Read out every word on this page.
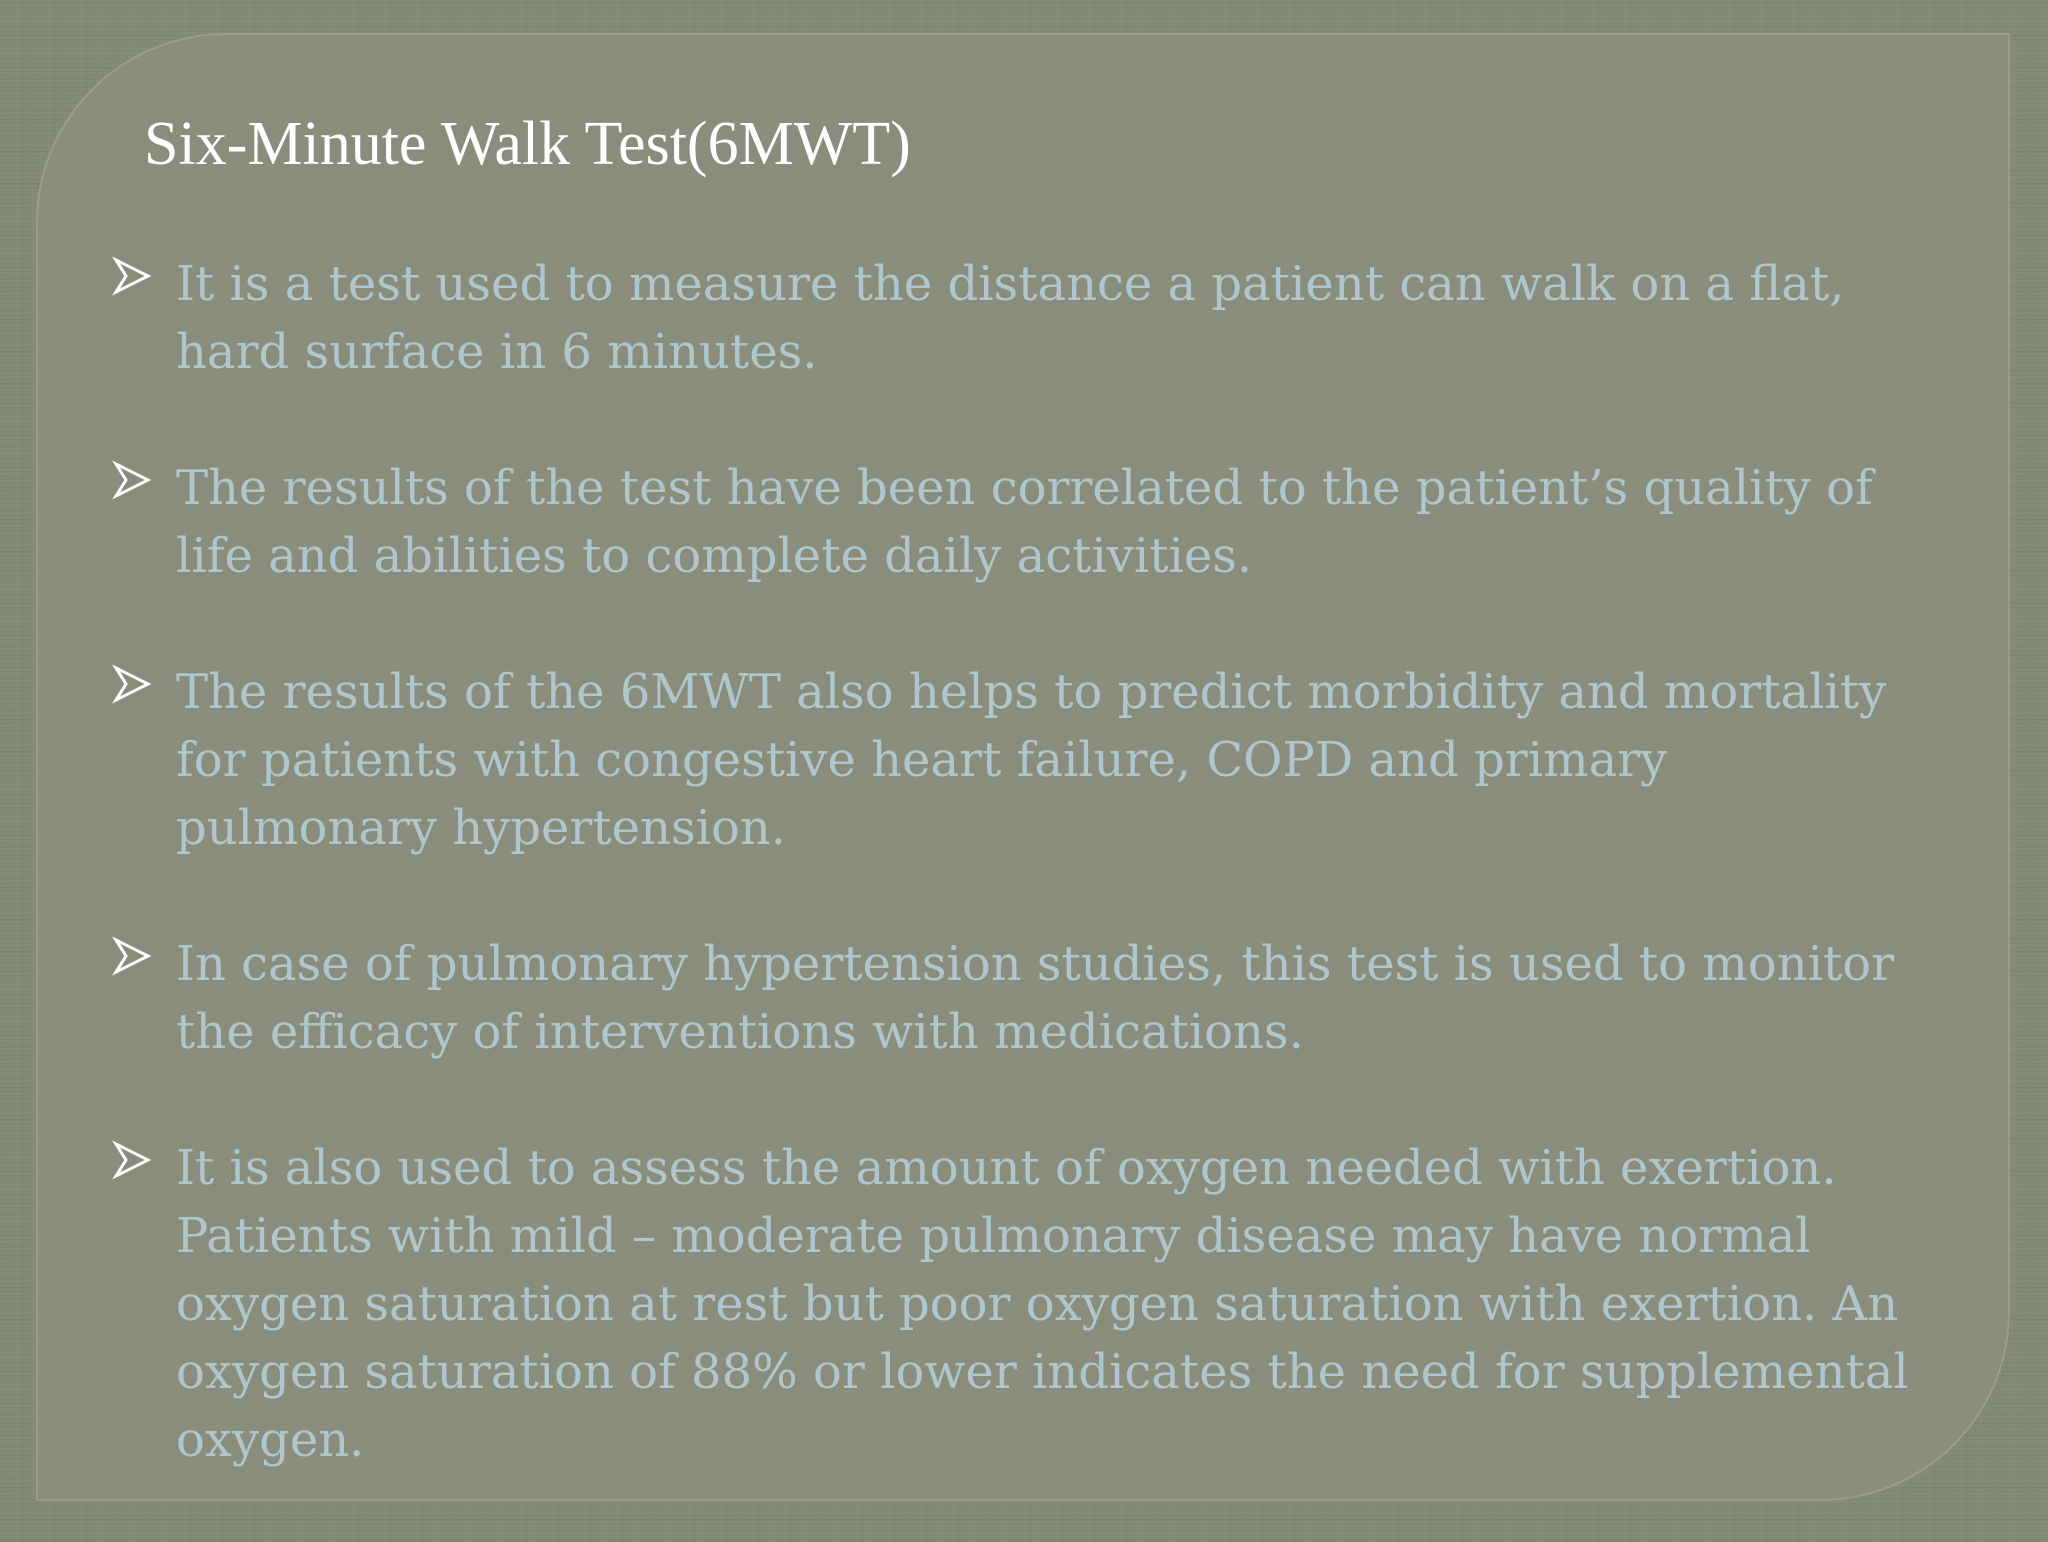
Six-Minute Walk Test(6MWT)
It is a test used to measure the distance a patient can walk on a flat, hard surface in 6 minutes.
The results of the test have been correlated to the patient’s quality of life and abilities to complete daily activities.
The results of the 6MWT also helps to predict morbidity and mortality for patients with congestive heart failure, COPD and primary pulmonary hypertension.
In case of pulmonary hypertension studies, this test is used to monitor the efficacy of interventions with medications.
It is also used to assess the amount of oxygen needed with exertion. Patients with mild – moderate pulmonary disease may have normal oxygen saturation at rest but poor oxygen saturation with exertion. An oxygen saturation of 88% or lower indicates the need for supplemental oxygen.
